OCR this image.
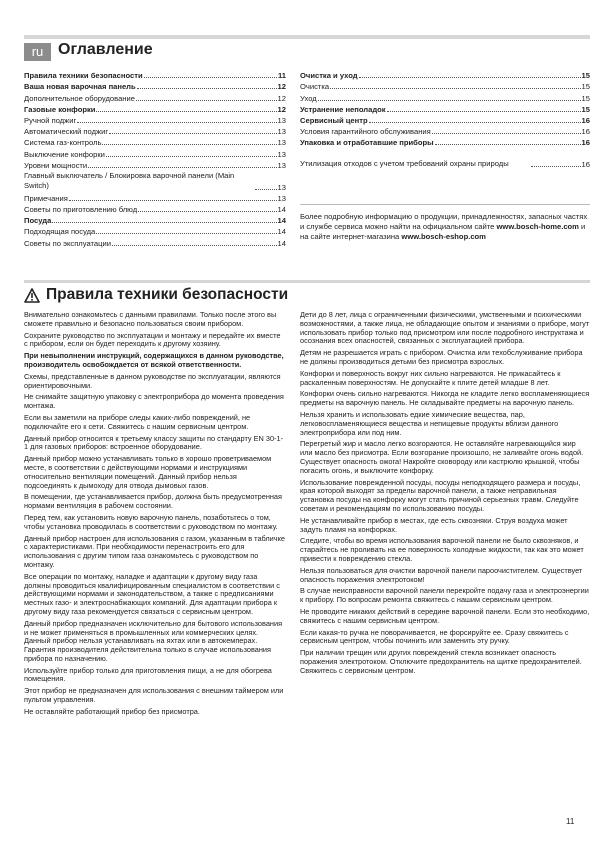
ru Оглавление
Правила техники безопасности	11
Ваша новая варочная панель	12
Дополнительное оборудование	12
Газовые конфорки	12
Ручной поджиг	13
Автоматический поджиг	13
Система газ-контроль	13
Выключение конфорки	13
Уровни мощности	13
Главный выключатель / Блокировка варочной панели (Main Switch)	13
Примечания	13
Советы по приготовлению блюд	14
Посуда	14
Подходящая посуда	14
Советы по эксплуатации	14
Очистка и уход	15
Очистка	15
Уход	15
Устранение неполадок	15
Сервисный центр	16
Условия гарантийного обслуживания	16
Упаковка и отработавшие приборы	16
Утилизация отходов с учетом требований охраны природы	16
Более подробную информацию о продукции, принадлежностях, запасных частях и службе сервиса можно найти на официальном сайте www.bosch-home.com и на сайте интернет-магазина www.bosch-eshop.com
Правила техники безопасности

Внимательно ознакомьтесь с данными правилами. Только после этого вы сможете правильно и безопасно пользоваться своим прибором.

Сохраните руководство по эксплуатации и монтажу и передайте их вместе с прибором, если он будет переходить к другому хозяину.

При невыполнении инструкций, содержащихся в данном руководстве, производитель освобождается от всякой ответственности.

Схемы, представленные в данном руководстве по эксплуатации, являются ориентировочными.

Не снимайте защитную упаковку с электроприбора до момента проведения монтажа.

Если вы заметили на приборе следы каких-либо повреждений, не подключайте его к сети. Свяжитесь с нашим сервисным центром.

Данный прибор относится к третьему классу защиты по стандарту EN 30-1-1 для газовых приборов: встроенное оборудование.

Данный прибор можно устанавливать только в хорошо проветриваемом месте, в соответствии с действующими нормами и инструкциями относительно вентиляции помещений. Данный прибор нельзя подсоединять к дымоходу для отвода дымовых газов.

В помещении, где устанавливается прибор, должна быть предусмотренная нормами вентиляция в рабочем состоянии.

Перед тем, как установить новую варочную панель, позаботьтесь о том, чтобы установка проводилась в соответствии с руководством по монтажу.

Данный прибор настроен для использования с газом, указанным в табличке с характеристиками. При необходимости перенастроить его для использования с другим типом газа ознакомьтесь с руководством по монтажу.

Все операции по монтажу, наладке и адаптации к другому виду газа должны проводиться квалифицированным специалистом в соответствии с действующими нормами и законодательством, а также с предписаниями местных газо- и электроснабжающих компаний. Для адаптации прибора к другому виду газа рекомендуется связаться с сервисным центром.

Данный прибор предназначен исключительно для бытового использования и не может применяться в промышленных или коммерческих целях. Данный прибор нельзя устанавливать на яхтах или в автокемперах. Гарантия производителя действительна только в случае использования прибора по назначению.

Используйте прибор только для приготовления пищи, а не для обогрева помещения.

Этот прибор не предназначен для использования с внешним таймером или пультом управления.

Не оставляйте работающий прибор без присмотра.

Дети до 8 лет, лица с ограниченными физическими, умственными и психическими возможностями, а также лица, не обладающие опытом и знаниями о приборе, могут использовать прибор только под присмотром или после подробного инструктажа и осознания всех опасностей, связанных с эксплуатацией прибора.

Детям не разрешается играть с прибором. Очистка или техобслуживание прибора не должны производиться детьми без присмотра взрослых.

Конфорки и поверхность вокруг них сильно нагреваются. Не прикасайтесь к раскаленным поверхностям. Не допускайте к плите детей младше 8 лет.

Конфорки очень сильно нагреваются. Никогда не кладите легко воспламеняющиеся предметы на варочную панель. Не складывайте предметы на варочную панель.

Нельзя хранить и использовать едкие химические вещества, пар, легковоспламеняющиеся вещества и непищевые продукты вблизи данного электроприбора или под ним.

Перегретый жир и масло легко возгораются. Не оставляйте нагревающийся жир или масло без присмотра. Если возгорание произошло, не заливайте огонь водой. Существует опасность ожога! Накройте сковороду или кастрюлю крышкой, чтобы погасить огонь, и выключите конфорку.

Использование поврежденной посуды, посуды неподходящего размера и посуды, края которой выходят за пределы варочной панели, а также неправильная установка посуды на конфорку могут стать причиной серьезных травм. Следуйте советам и рекомендациям по использованию посуды.

Не устанавливайте прибор в местах, где есть сквозняки. Струя воздуха может задуть пламя на конфорках.

Следите, чтобы во время использования варочной панели не было сквозняков, и старайтесь не проливать на ее поверхность холодные жидкости, так как это может привести к повреждению стекла.

Нельзя пользоваться для очистки варочной панели пароочистителем. Существует опасность поражения электротоком!

В случае неисправности варочной панели перекройте подачу газа и электроэнергии к прибору. По вопросам ремонта свяжитесь с нашим сервисным центром.

Не проводите никаких действий в середине варочной панели. Если это необходимо, свяжитесь с нашим сервисным центром.

Если какая-то ручка не поворачивается, не форсируйте ее. Сразу свяжитесь с сервисным центром, чтобы починить или заменить эту ручку.

При наличии трещин или других повреждений стекла возникает опасность поражения электротоком. Отключите предохранитель на щитке предохранителей. Свяжитесь с сервисным центром.

11
